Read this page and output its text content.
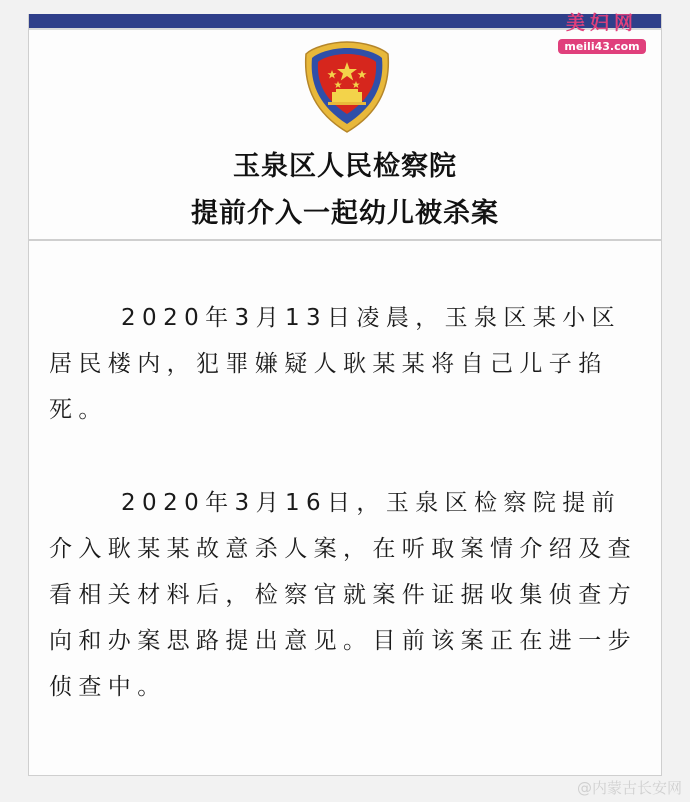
玉泉区人民检察院
提前介入一起幼儿被杀案
2020年3月13日凌晨，玉泉区某小区居民楼内，犯罪嫌疑人耿某某将自己儿子掐死。
2020年3月16日，玉泉区检察院提前介入耿某某故意杀人案，在听取案情介绍及查看相关材料后，检察官就案件证据收集侦查方向和办案思路提出意见。目前该案正在进一步侦查中。
美妇网
meili43.com
@内蒙古长安网
